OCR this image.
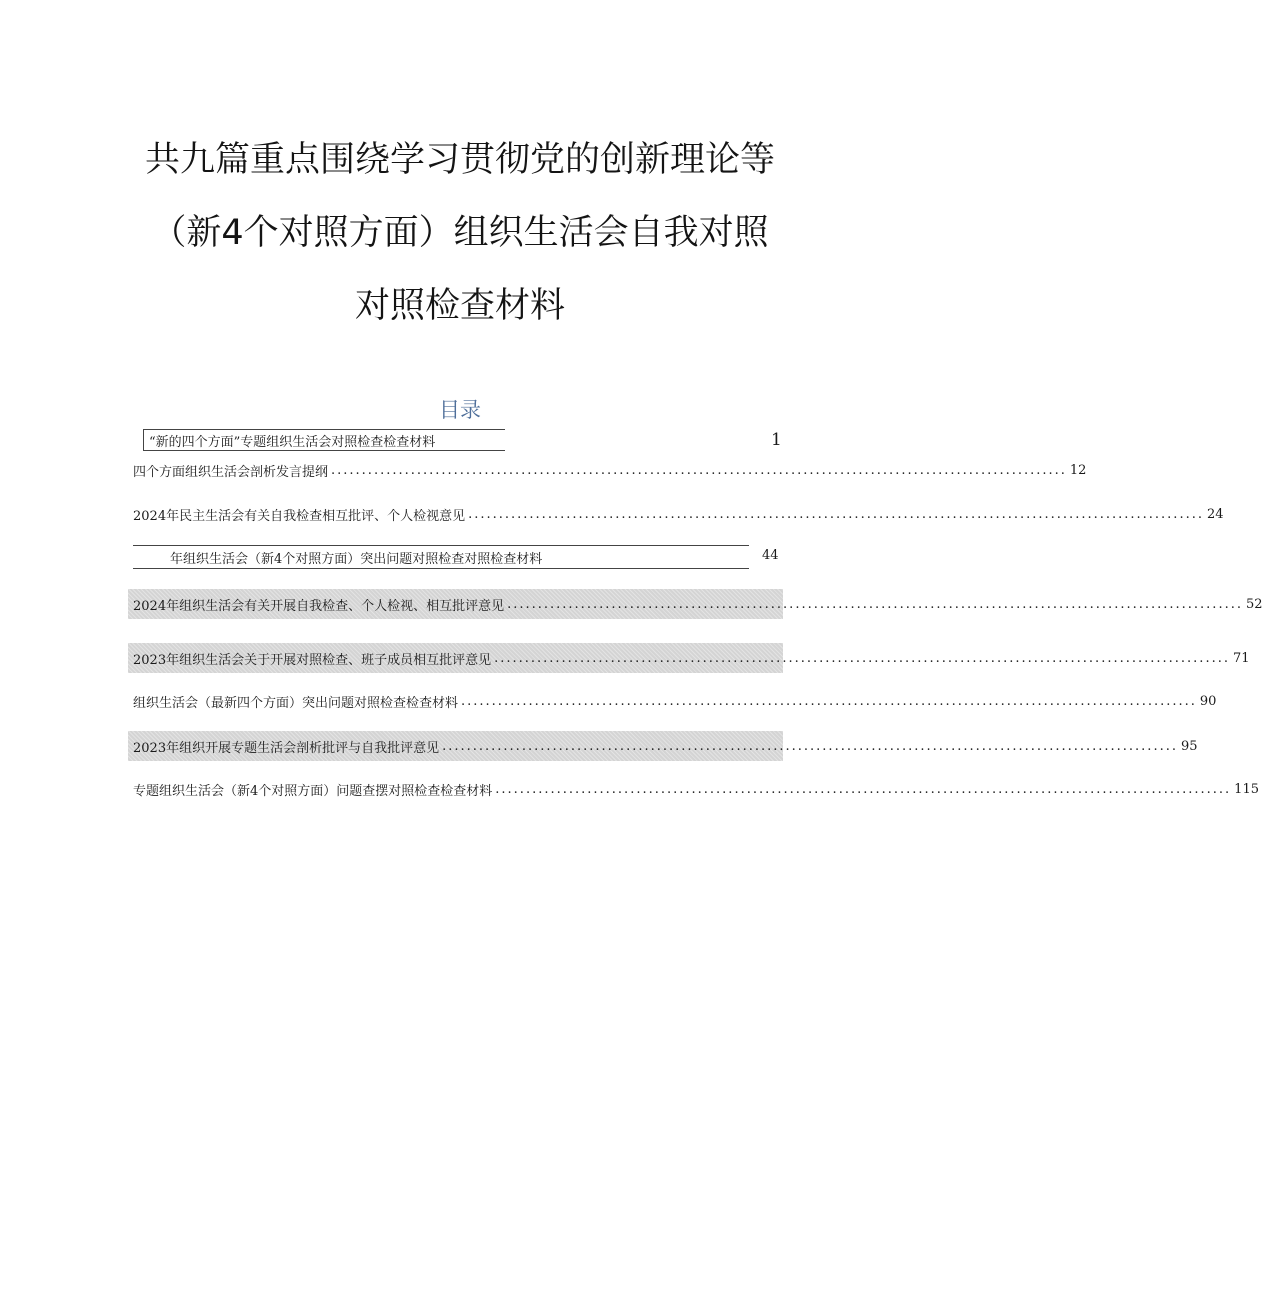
共九篇重点围绕学习贯彻党的创新理论等
（新4个对照方面）组织生活会自我对照
对照检查材料
目录
“新的四个方面”专题组织生活会对照检查检查材料	1
四个方面组织生活会剖析发言提纲 ........................................................................................................................ 12
2024年民主生活会有关自我检查相互批评、个人检视意见 ........................................................................................................................ 24
年组织生活会（新4个对照方面）突出问题对照检查对照检查材料	44
2024年组织生活会有关开展自我检查、个人检视、相互批评意见 ........................................................................................................................ 52
2023年组织生活会关于开展对照检查、班子成员相互批评意见 ........................................................................................................................ 71
组织生活会（最新四个方面）突出问题对照检查检查材料 ........................................................................................................................ 90
2023年组织开展专题生活会剖析批评与自我批评意见 ........................................................................................................................ 95
专题组织生活会（新4个对照方面）问题查摆对照检查检查材料 ........................................................................................................................ 115
